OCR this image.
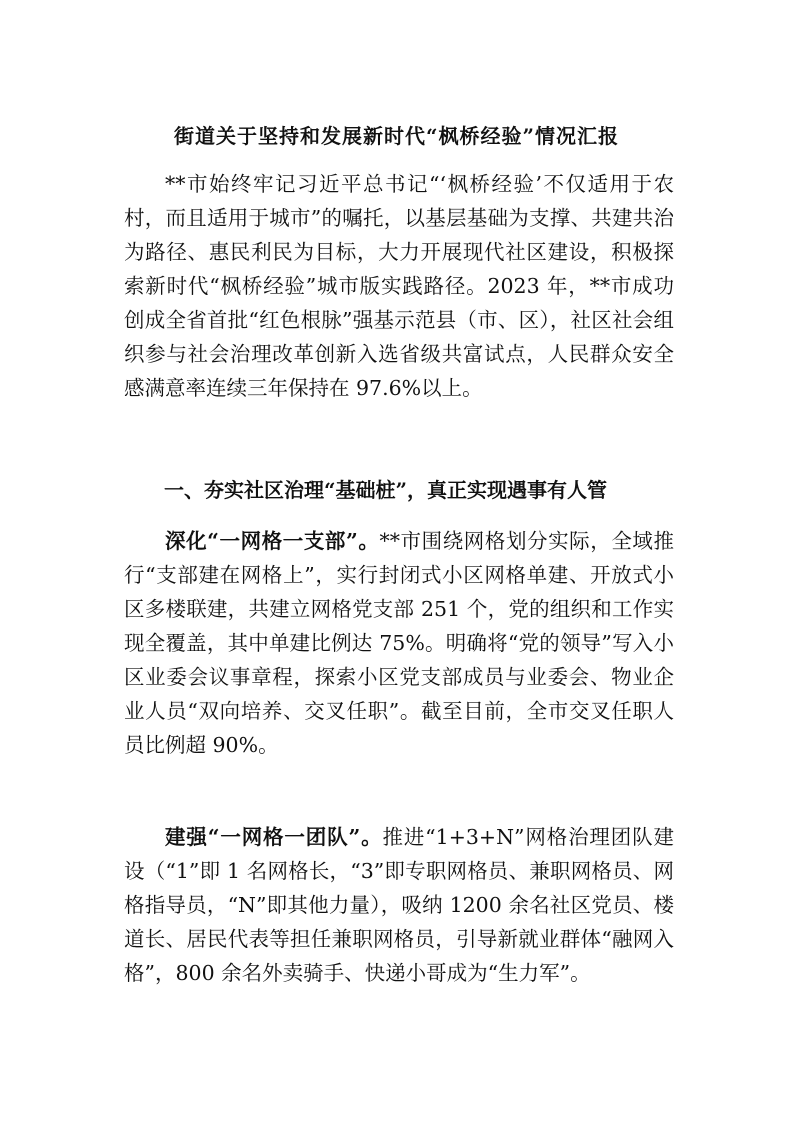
街道关于坚持和发展新时代“枫桥经验”情况汇报

**市始终牢记习近平总书记“‘枫桥经验’不仅适用于农村，而且适用于城市”的嘱托，以基层基础为支撑、共建共治为路径、惠民利民为目标，大力开展现代社区建设，积极探索新时代“枫桥经验”城市版实践路径。2023 年，**市成功创成全省首批“红色根脉”强基示范县（市、区），社区社会组织参与社会治理改革创新入选省级共富试点，人民群众安全感满意率连续三年保持在 97.6%以上。

一、夯实社区治理“基础桩”，真正实现遇事有人管

深化“一网格一支部”。**市围绕网格划分实际，全域推行“支部建在网格上”，实行封闭式小区网格单建、开放式小区多楼联建，共建立网格党支部 251 个，党的组织和工作实现全覆盖，其中单建比例达 75%。明确将“党的领导”写入小区业委会议事章程，探索小区党支部成员与业委会、物业企业人员“双向培养、交叉任职”。截至目前，全市交叉任职人员比例超 90%。

建强“一网格一团队”。推进“1+3+N”网格治理团队建设（“1”即 1 名网格长，“3”即专职网格员、兼职网格员、网格指导员，“N”即其他力量），吸纳 1200 余名社区党员、楼道长、居民代表等担任兼职网格员，引导新就业群体“融网入格”，800 余名外卖骑手、快递小哥成为“生力军”。
